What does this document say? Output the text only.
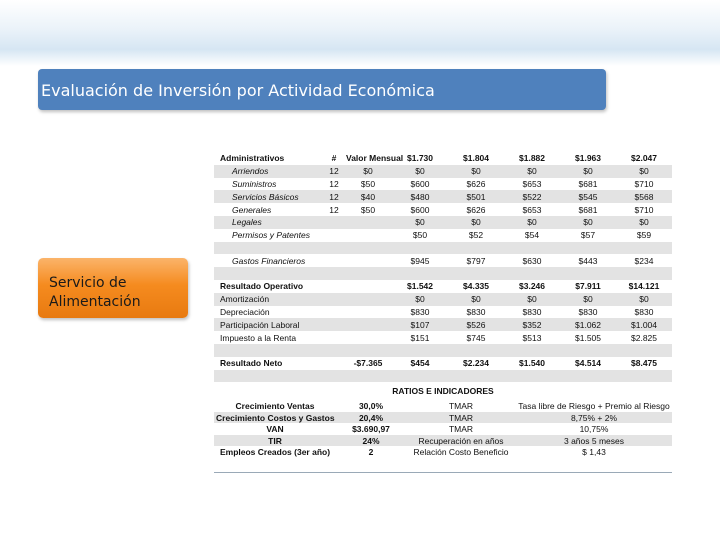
Evaluación de Inversión por Actividad Económica
Servicio de Alimentación
Administrativos	#	Valor Mensual	$1.730	$1.804	$1.882	$1.963	$2.047
Arriendos	12	$0	$0	$0	$0	$0	$0
Suministros	12	$50	$600	$626	$653	$681	$710
Servicios Básicos	12	$40	$480	$501	$522	$545	$568
Generales	12	$50	$600	$626	$653	$681	$710
Legales			$0	$0	$0	$0	$0
Permisos y Patentes			$50	$52	$54	$57	$59

Gastos Financieros			$945	$797	$630	$443	$234

Resultado Operativo			$1.542	$4.335	$3.246	$7.911	$14.121
Amortización			$0	$0	$0	$0	$0
Depreciación			$830	$830	$830	$830	$830
Participación Laboral			$107	$526	$352	$1.062	$1.004
Impuesto a la Renta			$151	$745	$513	$1.505	$2.825

Resultado Neto		-$7.365	$454	$2.234	$1.540	$4.514	$8.475

RATIOS E INDICADORES
Crecimiento Ventas	30,0%	TMAR	Tasa libre de Riesgo + Premio al Riesgo
Crecimiento Costos y Gastos	20,4%	TMAR	8,75% + 2%
VAN	$3.690,97	TMAR	10,75%
TIR	24%	Recuperación en años	3 años 5 meses
Empleos Creados (3er año)	2	Relación Costo Beneficio	$ 1,43
